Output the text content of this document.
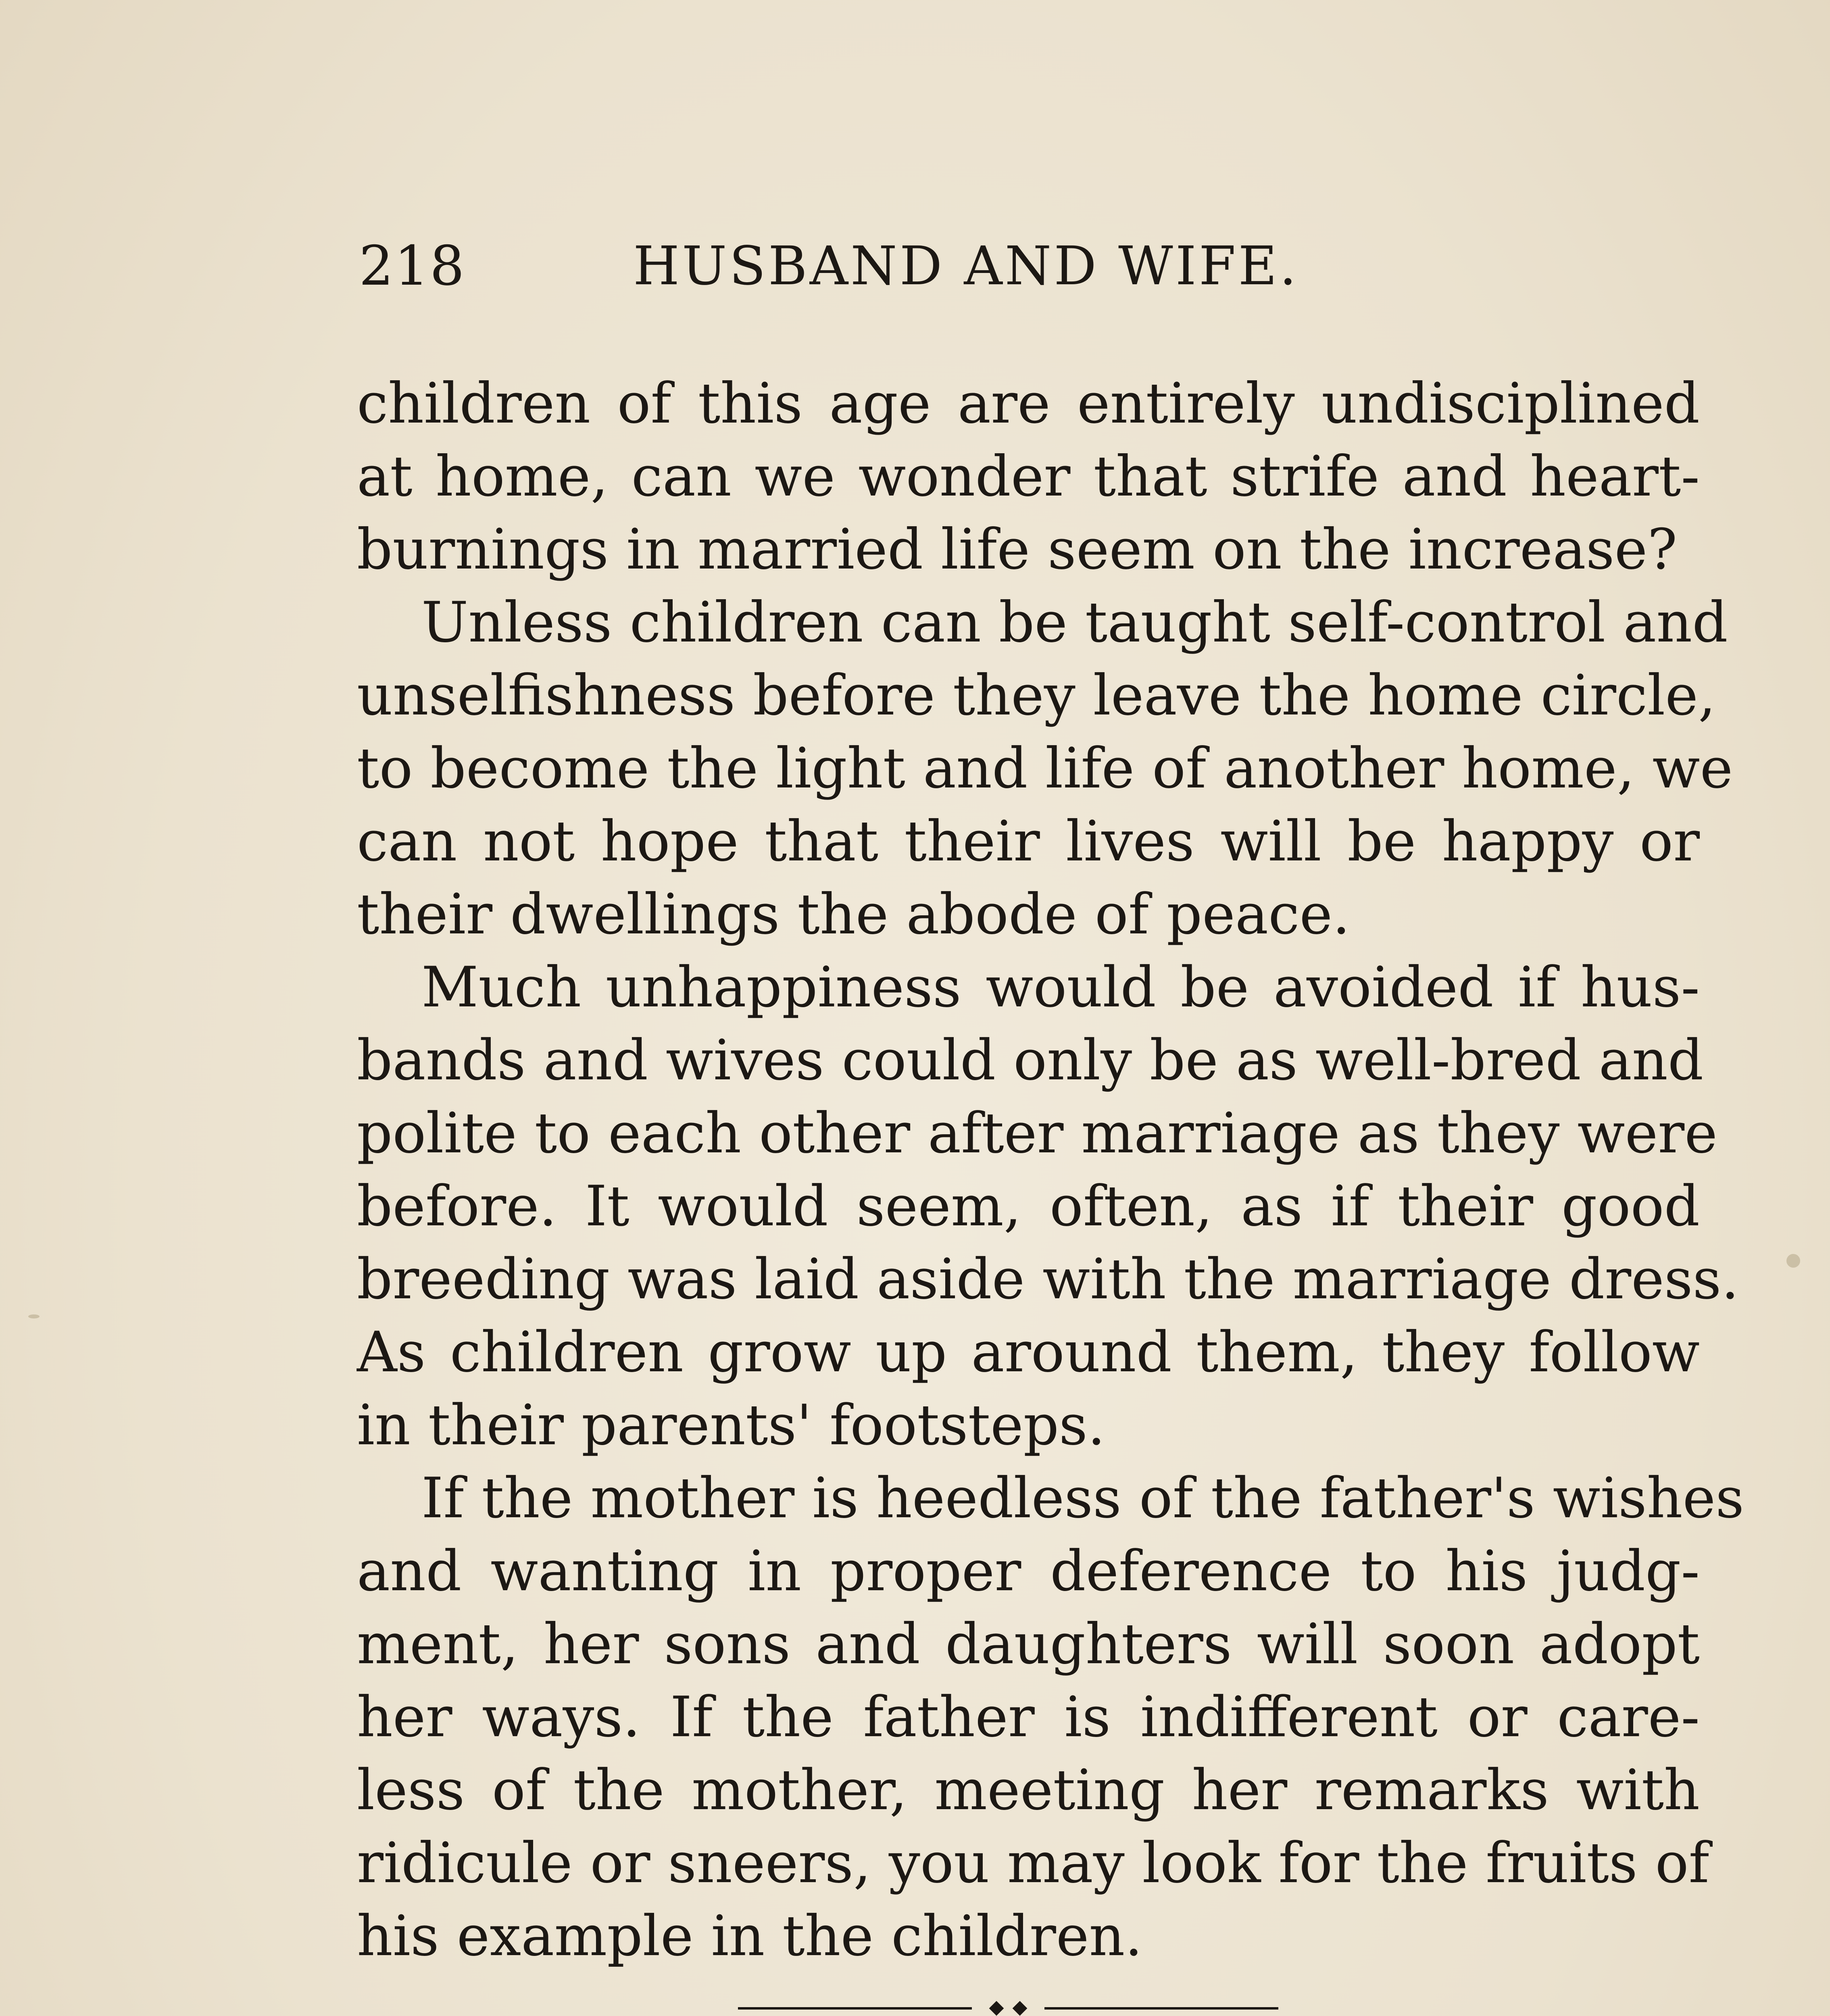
218	HUSBAND AND WIFE.
children of this age are entirely undisciplined
at home, can we wonder that strife and heart-
burnings in married life seem on the increase?
Unless children can be taught self-control and
unselfishness before they leave the home circle,
to become the light and life of another home, we
can not hope that their lives will be happy or
their dwellings the abode of peace.
Much unhappiness would be avoided if hus-
bands and wives could only be as well-bred and
polite to each other after marriage as they were
before. It would seem, often, as if their good
breeding was laid aside with the marriage dress.
As children grow up around them, they follow
in their parents' footsteps.
If the mother is heedless of the father's wishes
and wanting in proper deference to his judg-
ment, her sons and daughters will soon adopt
her ways. If the father is indifferent or care-
less of the mother, meeting her remarks with
ridicule or sneers, you may look for the fruits of
his example in the children.
